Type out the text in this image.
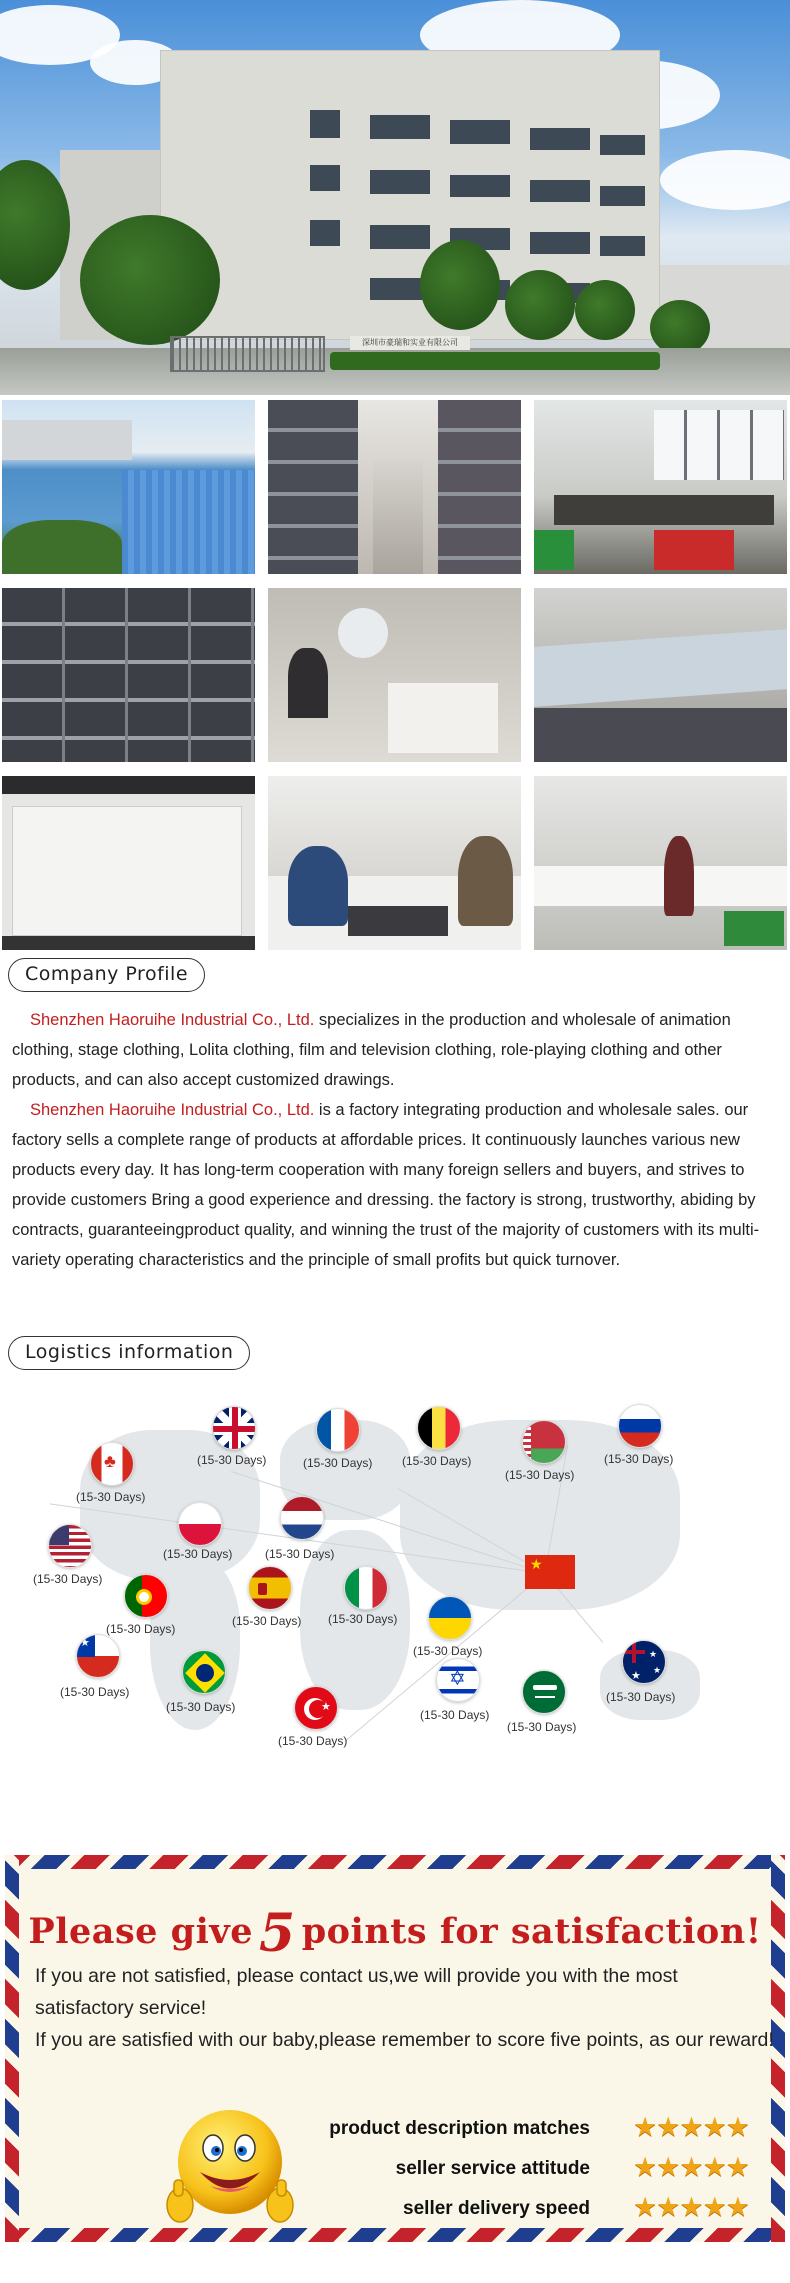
深圳市豪瑞和实业有限公司
Company Profile

Shenzhen Haoruihe Industrial Co., Ltd. specializes in the production and wholesale of animation clothing, stage clothing, Lolita clothing, film and television clothing, role-playing clothing and other products, and can also accept customized drawings.

Shenzhen Haoruihe Industrial Co., Ltd. is a factory integrating production and wholesale sales. our factory sells a complete range of products at affordable prices. It continuously launches various new products every day. It has long-term cooperation with many foreign sellers and buyers, and strives to provide customers Bring a good experience and dressing. the factory is strong, trustworthy, abiding by contracts, guaranteeingproduct quality, and winning the trust of the majority of customers with its multi-variety operating characteristics and the principle of small profits but quick turnover.

Logistics information
★
(15-30 Days)	(15-30 Days) (15-30 Days)
(15-30 Days)
(15-30 Days)
♣
(15-30 Days)
(15-30 Days)	(15-30 Days)
(15-30 Days)
(15-30 Days)
(15-30 Days) (15-30 Days)
(15-30 Days)
★
(15-30 Days)
(15-30 Days)	★
(15-30 Days)
✡
(15-30 Days)
(15-30 Days)
★
★
★
(15-30 Days)
Please give 5 points for satisfaction!

If you are not satisfied, please contact us,we will provide you with the most satisfactory service!

If you are satisfied with our baby,please remember to score five points, as our reward!

product description matches ★★★★★
seller service attitude ★★★★★
seller delivery speed ★★★★★
